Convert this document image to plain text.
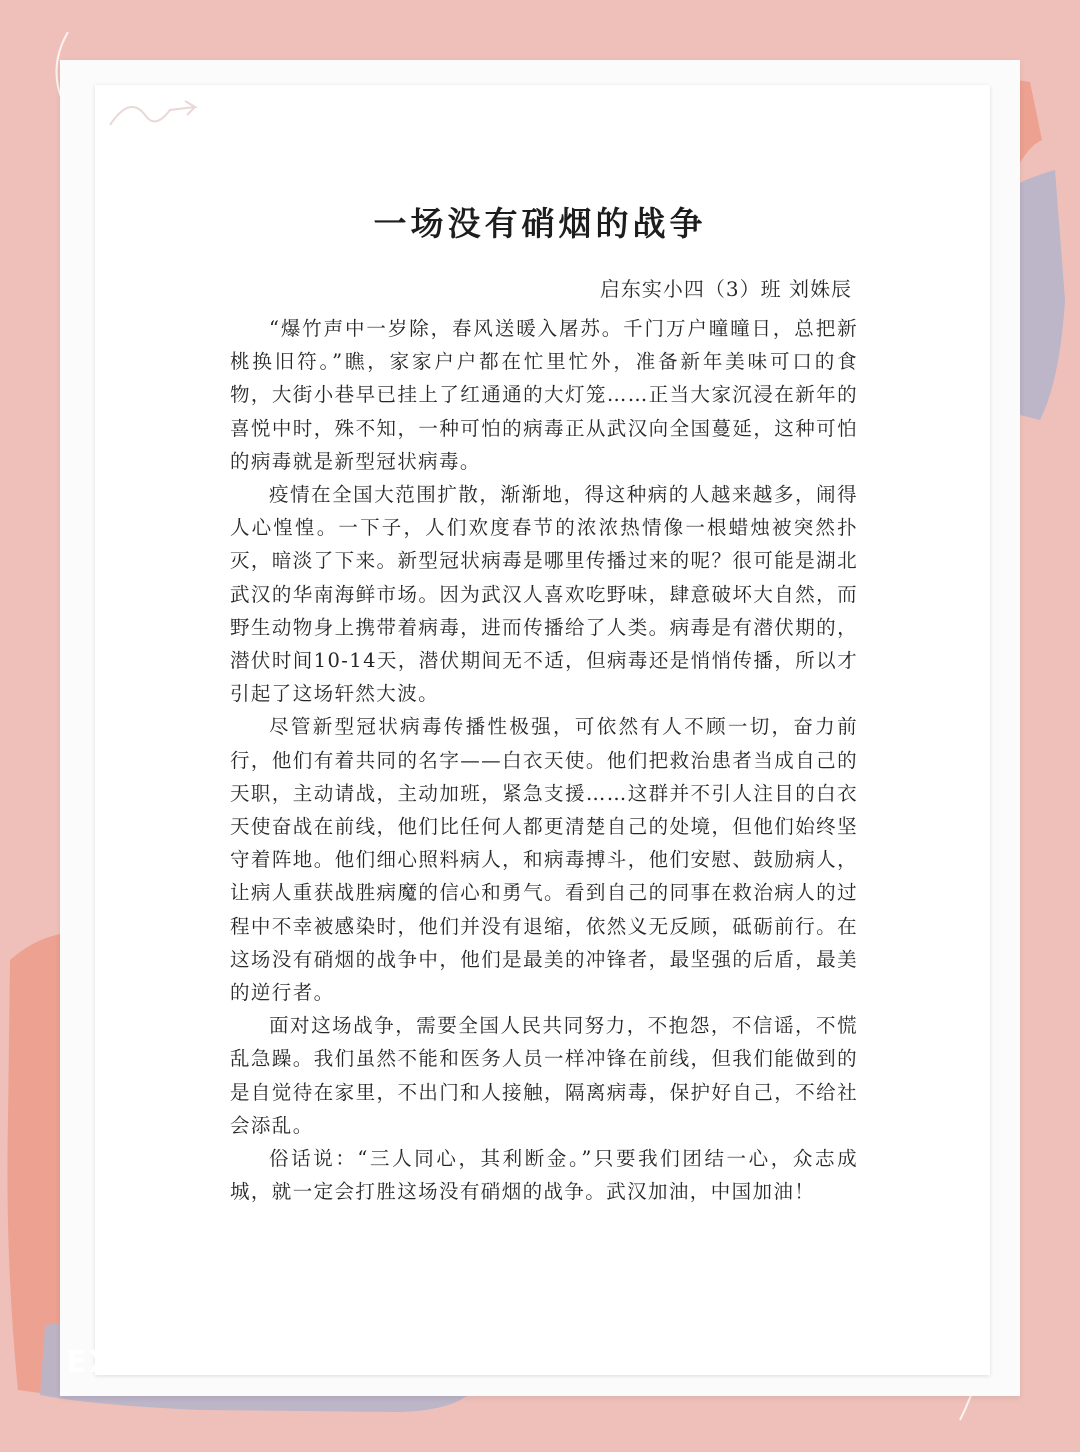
一场没有硝烟的战争
启东实小四（3）班 刘姝辰

“爆竹声中一岁除，春风送暖入屠苏。千门万户曈曈日，总把新桃换旧符。”瞧，家家户户都在忙里忙外，准备新年美味可口的食物，大街小巷早已挂上了红通通的大灯笼……正当大家沉浸在新年的喜悦中时，殊不知，一种可怕的病毒正从武汉向全国蔓延，这种可怕的病毒就是新型冠状病毒。

疫情在全国大范围扩散，渐渐地，得这种病的人越来越多，闹得人心惶惶。一下子，人们欢度春节的浓浓热情像一根蜡烛被突然扑灭，暗淡了下来。新型冠状病毒是哪里传播过来的呢？很可能是湖北武汉的华南海鲜市场。因为武汉人喜欢吃野味，肆意破坏大自然，而野生动物身上携带着病毒，进而传播给了人类。病毒是有潜伏期的，潜伏时间10-14天，潜伏期间无不适，但病毒还是悄悄传播，所以才引起了这场轩然大波。

尽管新型冠状病毒传播性极强，可依然有人不顾一切，奋力前行，他们有着共同的名字——白衣天使。他们把救治患者当成自己的天职，主动请战，主动加班，紧急支援……这群并不引人注目的白衣天使奋战在前线，他们比任何人都更清楚自己的处境，但他们始终坚守着阵地。他们细心照料病人，和病毒搏斗，他们安慰、鼓励病人，让病人重获战胜病魔的信心和勇气。看到自己的同事在救治病人的过程中不幸被感染时，他们并没有退缩，依然义无反顾，砥砺前行。在这场没有硝烟的战争中，他们是最美的冲锋者，最坚强的后盾，最美的逆行者。

面对这场战争，需要全国人民共同努力，不抱怨，不信谣，不慌乱急躁。我们虽然不能和医务人员一样冲锋在前线，但我们能做到的是自觉待在家里，不出门和人接触，隔离病毒，保护好自己，不给社会添乱。

俗话说：“三人同心，其利断金。”只要我们团结一心，众志成城，就一定会打胜这场没有硝烟的战争。武汉加油，中国加油！

EXTRAORDINARY
